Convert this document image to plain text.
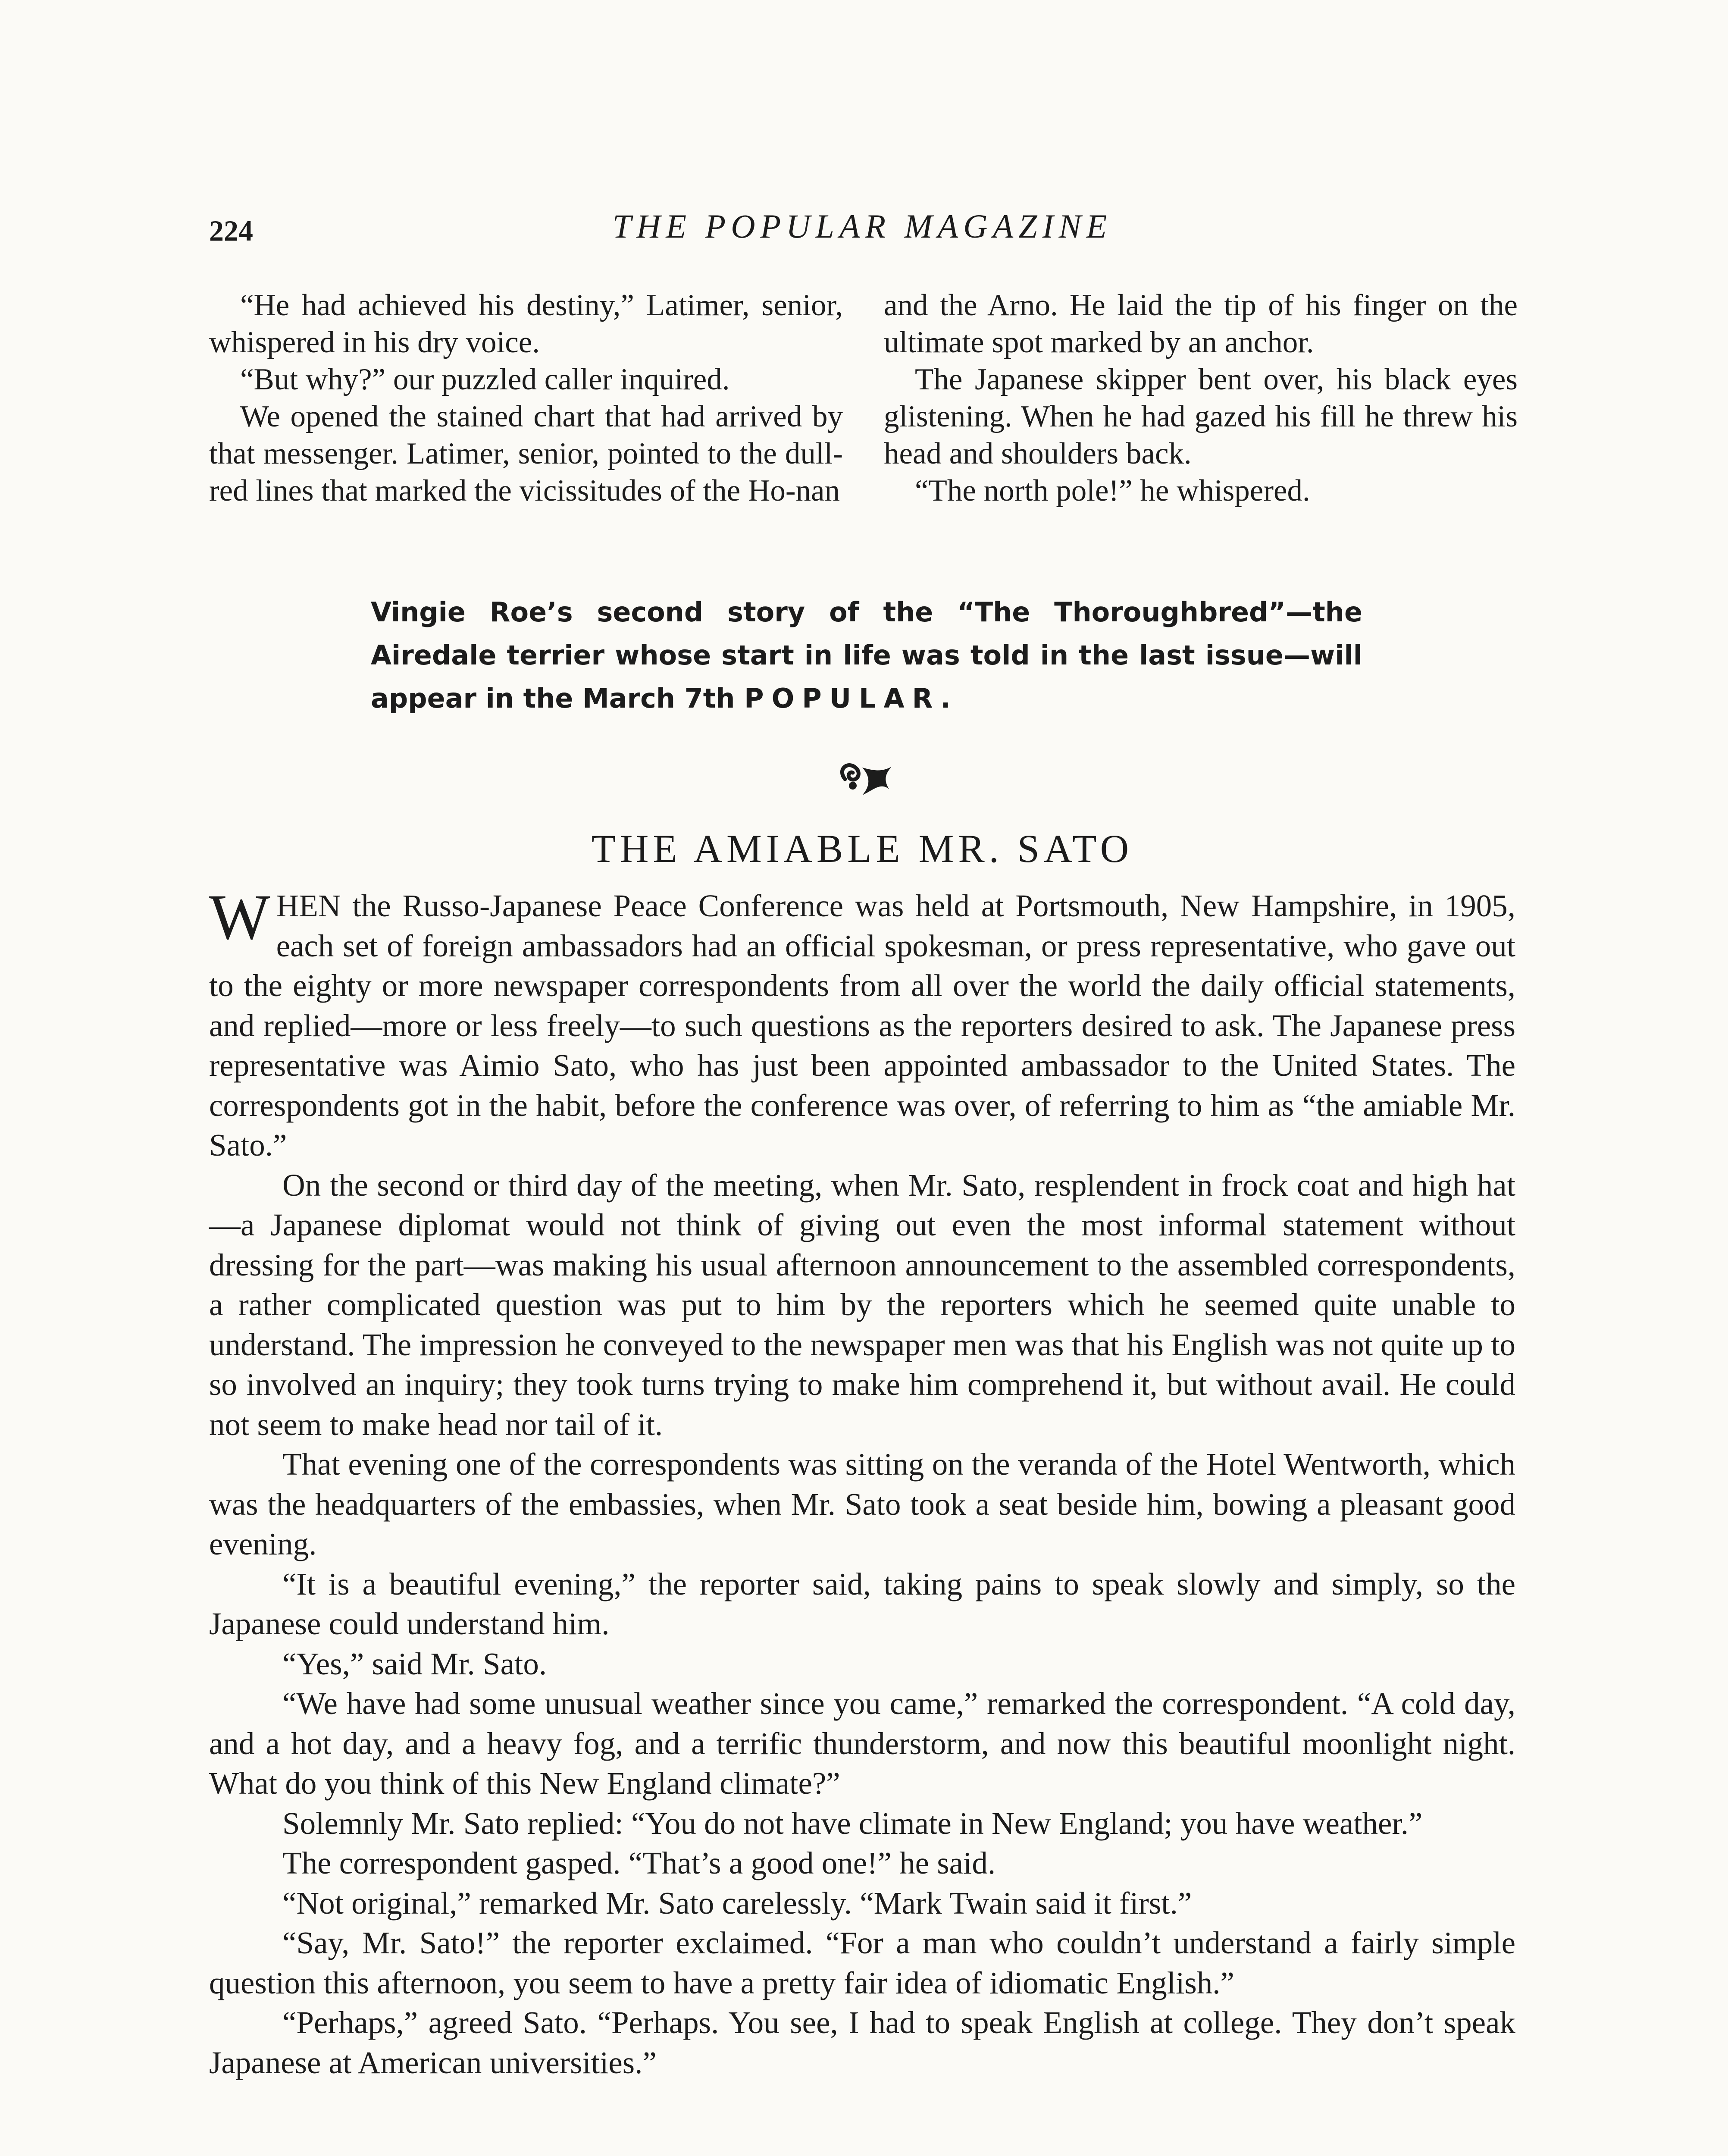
224	THE POPULAR MAGAZINE

“He had achieved his destiny,” Latimer, senior, whispered in his dry voice.

“But why?” our puzzled caller inquired.

We opened the stained chart that had arrived by that messenger. Latimer, senior, pointed to the dull-red lines that marked the vicissitudes of the Ho-nan

and the Arno. He laid the tip of his finger on the ultimate spot marked by an anchor.

The Japanese skipper bent over, his black eyes glistening. When he had gazed his fill he threw his head and shoulders back.

“The north pole!” he whispered.

Vingie Roe’s second story of the “The Thoroughbred”—the Airedale terrier whose start in life was told in the last issue—will appear in the March 7th POPULAR.

THE AMIABLE MR. SATO

WHEN the Russo-Japanese Peace Conference was held at Portsmouth, New Hampshire, in 1905, each set of foreign ambassadors had an official spokesman, or press representative, who gave out to the eighty or more newspaper correspondents from all over the world the daily official statements, and replied—more or less freely—to such questions as the reporters desired to ask. The Japanese press representative was Aimio Sato, who has just been appointed ambassador to the United States. The correspondents got in the habit, before the conference was over, of referring to him as “the amiable Mr. Sato.”

On the second or third day of the meeting, when Mr. Sato, resplendent in frock coat and high hat—a Japanese diplomat would not think of giving out even the most informal statement without dressing for the part—was making his usual afternoon announcement to the assembled correspondents, a rather complicated question was put to him by the reporters which he seemed quite unable to understand. The impression he conveyed to the newspaper men was that his English was not quite up to so involved an inquiry; they took turns trying to make him comprehend it, but without avail. He could not seem to make head nor tail of it.

That evening one of the correspondents was sitting on the veranda of the Hotel Wentworth, which was the headquarters of the embassies, when Mr. Sato took a seat beside him, bowing a pleasant good evening.

“It is a beautiful evening,” the reporter said, taking pains to speak slowly and simply, so the Japanese could understand him.

“Yes,” said Mr. Sato.

“We have had some unusual weather since you came,” remarked the correspondent. “A cold day, and a hot day, and a heavy fog, and a terrific thunderstorm, and now this beautiful moonlight night. What do you think of this New England climate?”

Solemnly Mr. Sato replied: “You do not have climate in New England; you have weather.”

The correspondent gasped. “That’s a good one!” he said.

“Not original,” remarked Mr. Sato carelessly. “Mark Twain said it first.”

“Say, Mr. Sato!” the reporter exclaimed. “For a man who couldn’t understand a fairly simple question this afternoon, you seem to have a pretty fair idea of idiomatic English.”

“Perhaps,” agreed Sato. “Perhaps. You see, I had to speak English at college. They don’t speak Japanese at American universities.”
